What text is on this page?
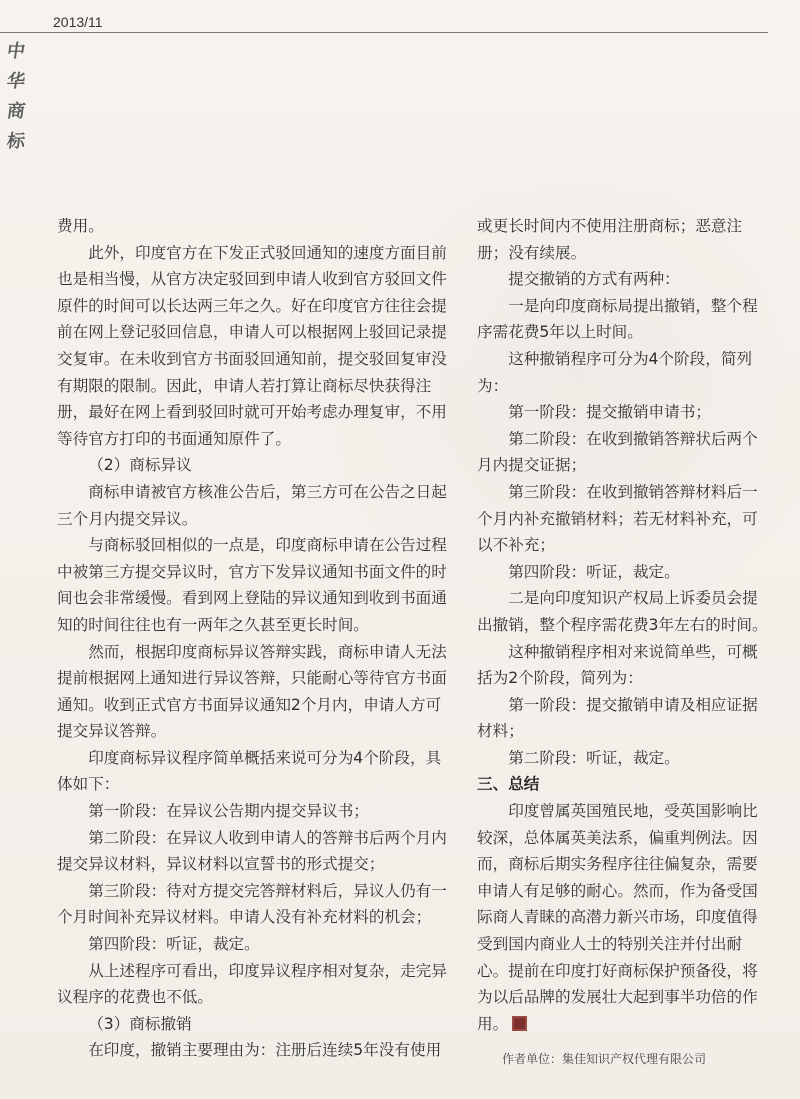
2013/11
中
华
商
标

费用。

此外，印度官方在下发正式驳回通知的速度方面目前也是相当慢，从官方决定驳回到申请人收到官方驳回文件原件的时间可以长达两三年之久。好在印度官方往往会提前在网上登记驳回信息，申请人可以根据网上驳回记录提交复审。在未收到官方书面驳回通知前，提交驳回复审没有期限的限制。因此，申请人若打算让商标尽快获得注册，最好在网上看到驳回时就可开始考虑办理复审，不用等待官方打印的书面通知原件了。

（2）商标异议

商标申请被官方核准公告后，第三方可在公告之日起三个月内提交异议。

与商标驳回相似的一点是，印度商标申请在公告过程中被第三方提交异议时，官方下发异议通知书面文件的时间也会非常缓慢。看到网上登陆的异议通知到收到书面通知的时间往往也有一两年之久甚至更长时间。

然而，根据印度商标异议答辩实践，商标申请人无法提前根据网上通知进行异议答辩，只能耐心等待官方书面通知。收到正式官方书面异议通知2个月内，申请人方可提交异议答辩。

印度商标异议程序简单概括来说可分为4个阶段，具体如下：

第一阶段：在异议公告期内提交异议书；

第二阶段：在异议人收到申请人的答辩书后两个月内提交异议材料，异议材料以宣誓书的形式提交；

第三阶段：待对方提交完答辩材料后，异议人仍有一个月时间补充异议材料。申请人没有补充材料的机会；

第四阶段：听证，裁定。

从上述程序可看出，印度异议程序相对复杂，走完异议程序的花费也不低。

（3）商标撤销

在印度，撤销主要理由为：注册后连续5年没有使用

或更长时间内不使用注册商标；恶意注册；没有续展。

提交撤销的方式有两种：

一是向印度商标局提出撤销，整个程序需花费5年以上时间。

这种撤销程序可分为4个阶段，简列为：

第一阶段：提交撤销申请书；

第二阶段：在收到撤销答辩状后两个月内提交证据；

第三阶段：在收到撤销答辩材料后一个月内补充撤销材料；若无材料补充，可以不补充；

第四阶段：听证，裁定。

二是向印度知识产权局上诉委员会提出撤销，整个程序需花费3年左右的时间。

这种撤销程序相对来说简单些，可概括为2个阶段，简列为：

第一阶段：提交撤销申请及相应证据材料；

第二阶段：听证，裁定。

三、总结

印度曾属英国殖民地，受英国影响比较深，总体属英美法系，偏重判例法。因而，商标后期实务程序往往偏复杂，需要申请人有足够的耐心。然而，作为备受国际商人青睐的高潜力新兴市场，印度值得受到国内商业人士的特别关注并付出耐心。提前在印度打好商标保护预备役，将为以后品牌的发展壮大起到事半功倍的作用。

作者单位：集佳知识产权代理有限公司
